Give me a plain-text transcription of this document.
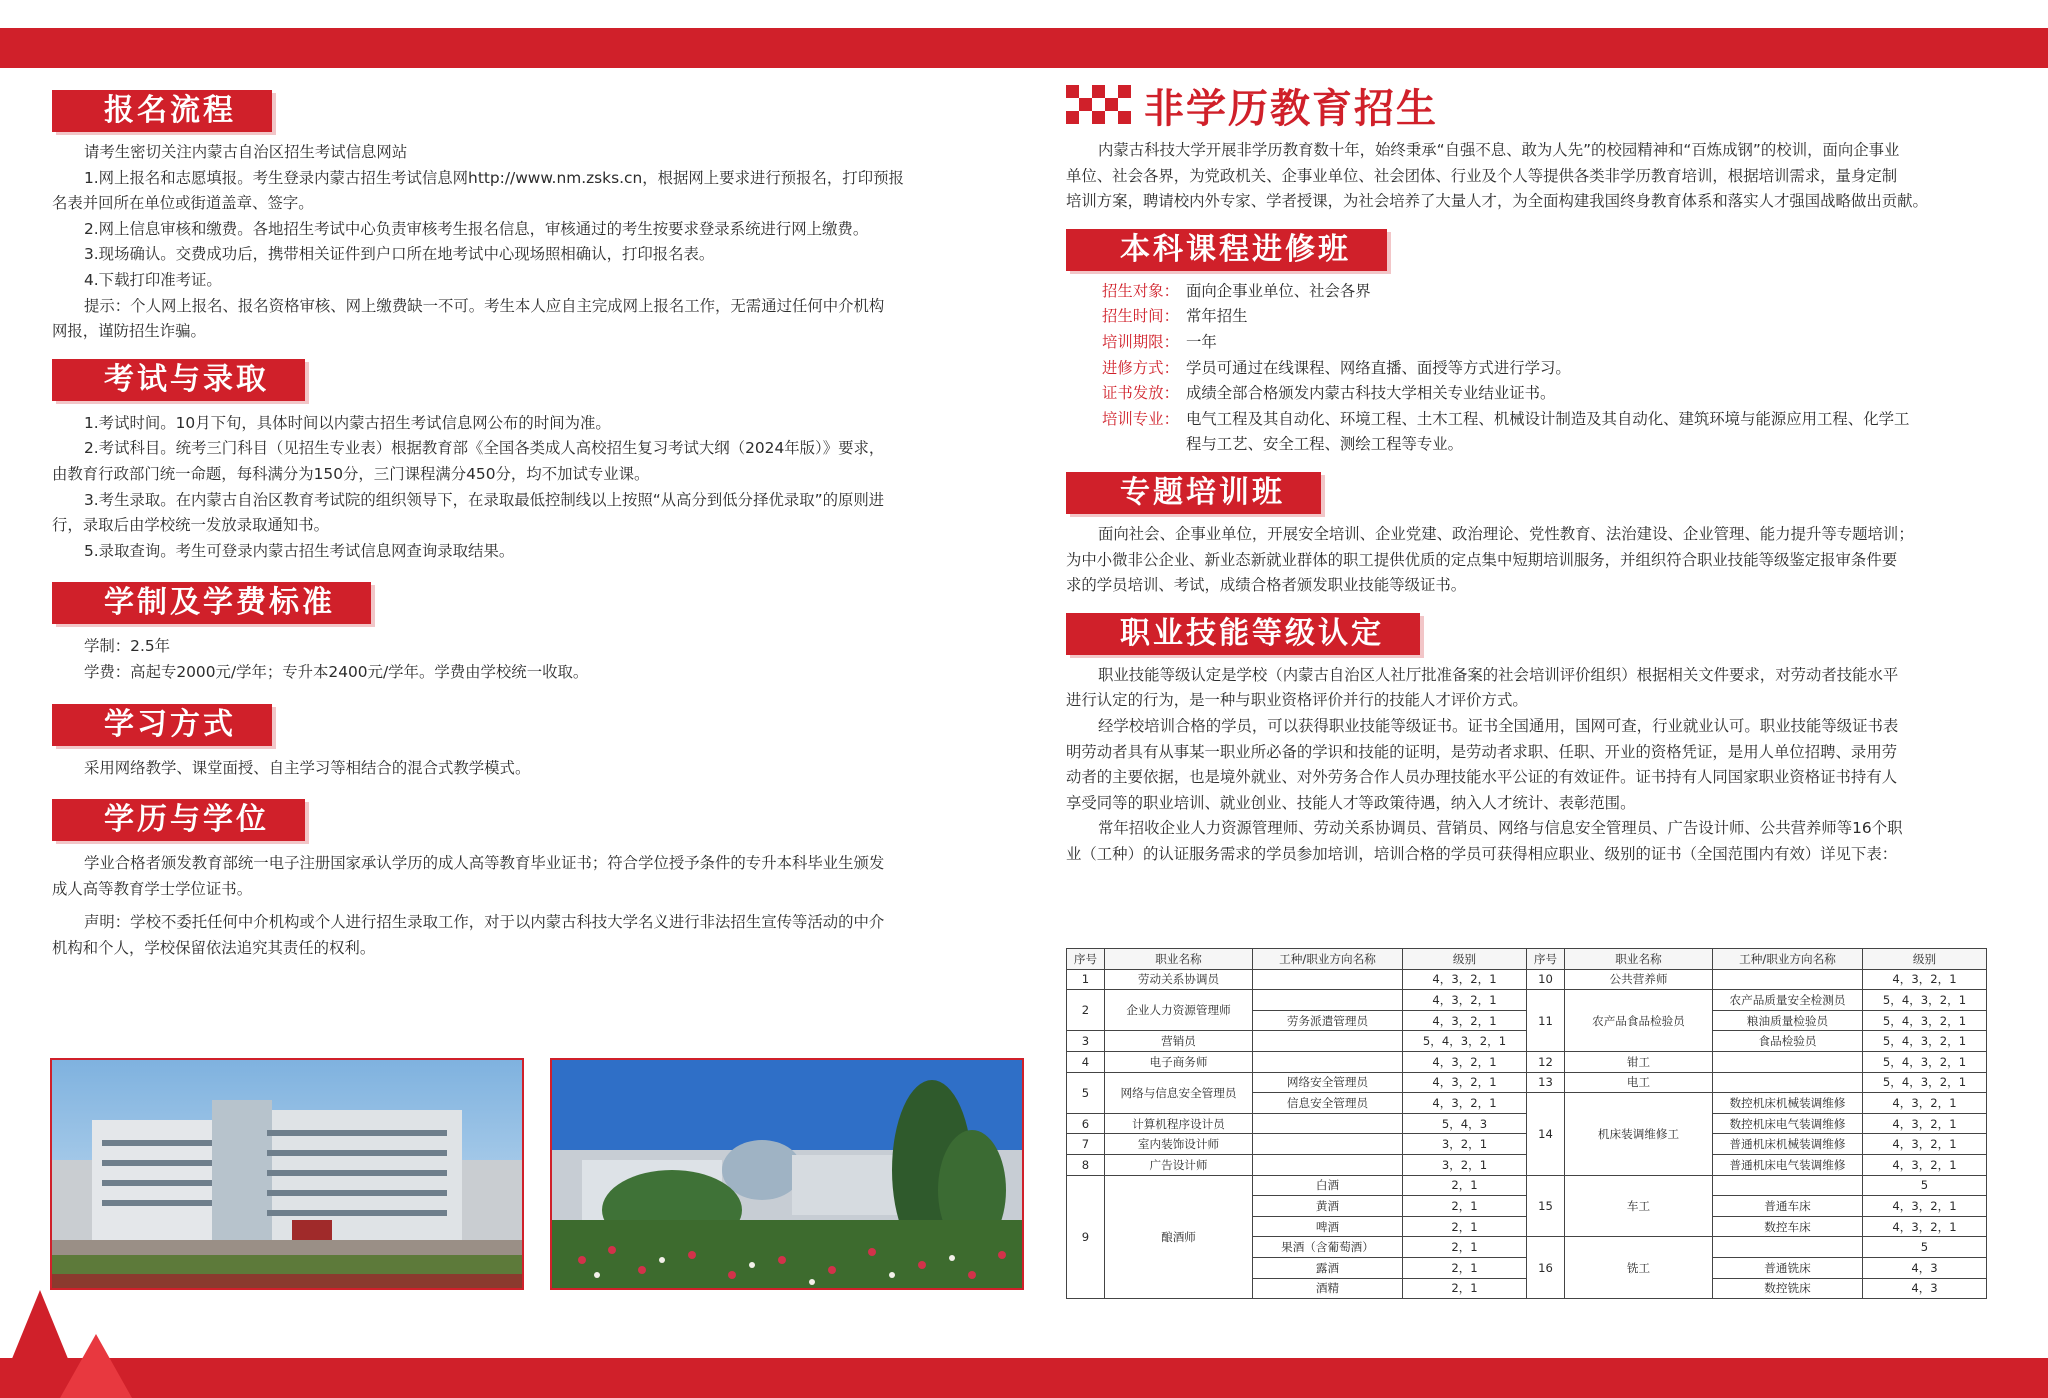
报名流程
请考生密切关注内蒙古自治区招生考试信息网站
1.网上报名和志愿填报。考生登录内蒙古招生考试信息网http://www.nm.zsks.cn，根据网上要求进行预报名，打印预报
名表并回所在单位或街道盖章、签字。
2.网上信息审核和缴费。各地招生考试中心负责审核考生报名信息，审核通过的考生按要求登录系统进行网上缴费。
3.现场确认。交费成功后，携带相关证件到户口所在地考试中心现场照相确认，打印报名表。
4.下载打印准考证。
提示：个人网上报名、报名资格审核、网上缴费缺一不可。考生本人应自主完成网上报名工作，无需通过任何中介机构
网报，谨防招生诈骗。
考试与录取
1.考试时间。10月下旬，具体时间以内蒙古招生考试信息网公布的时间为准。
2.考试科目。统考三门科目（见招生专业表）根据教育部《全国各类成人高校招生复习考试大纲（2024年版）》要求，
由教育行政部门统一命题，每科满分为150分，三门课程满分450分，均不加试专业课。
3.考生录取。在内蒙古自治区教育考试院的组织领导下，在录取最低控制线以上按照“从高分到低分择优录取”的原则进
行，录取后由学校统一发放录取通知书。
5.录取查询。考生可登录内蒙古招生考试信息网查询录取结果。
学制及学费标准
学制：2.5年
学费：高起专2000元/学年；专升本2400元/学年。学费由学校统一收取。
学习方式
采用网络教学、课堂面授、自主学习等相结合的混合式教学模式。
学历与学位
学业合格者颁发教育部统一电子注册国家承认学历的成人高等教育毕业证书；符合学位授予条件的专升本科毕业生颁发
成人高等教育学士学位证书。
声明：学校不委托任何中介机构或个人进行招生录取工作，对于以内蒙古科技大学名义进行非法招生宣传等活动的中介
机构和个人，学校保留依法追究其责任的权利。
非学历教育招生
内蒙古科技大学开展非学历教育数十年，始终秉承“自强不息、敢为人先”的校园精神和“百炼成钢”的校训，面向企事业
单位、社会各界，为党政机关、企事业单位、社会团体、行业及个人等提供各类非学历教育培训，根据培训需求，量身定制
培训方案，聘请校内外专家、学者授课，为社会培养了大量人才，为全面构建我国终身教育体系和落实人才强国战略做出贡献。
本科课程进修班
招生对象： 面向企事业单位、社会各界
招生时间： 常年招生
培训期限： 一年
进修方式： 学员可通过在线课程、网络直播、面授等方式进行学习。
证书发放： 成绩全部合格颁发内蒙古科技大学相关专业结业证书。
培训专业： 电气工程及其自动化、环境工程、土木工程、机械设计制造及其自动化、建筑环境与能源应用工程、化学工
程与工艺、安全工程、测绘工程等专业。
专题培训班
面向社会、企事业单位，开展安全培训、企业党建、政治理论、党性教育、法治建设、企业管理、能力提升等专题培训；
为中小微非公企业、新业态新就业群体的职工提供优质的定点集中短期培训服务，并组织符合职业技能等级鉴定报审条件要
求的学员培训、考试，成绩合格者颁发职业技能等级证书。
职业技能等级认定
职业技能等级认定是学校（内蒙古自治区人社厅批准备案的社会培训评价组织）根据相关文件要求，对劳动者技能水平
进行认定的行为，是一种与职业资格评价并行的技能人才评价方式。
经学校培训合格的学员，可以获得职业技能等级证书。证书全国通用，国网可查，行业就业认可。职业技能等级证书表
明劳动者具有从事某一职业所必备的学识和技能的证明，是劳动者求职、任职、开业的资格凭证，是用人单位招聘、录用劳
动者的主要依据，也是境外就业、对外劳务合作人员办理技能水平公证的有效证件。证书持有人同国家职业资格证书持有人
享受同等的职业培训、就业创业、技能人才等政策待遇，纳入人才统计、表彰范围。
常年招收企业人力资源管理师、劳动关系协调员、营销员、网络与信息安全管理员、广告设计师、公共营养师等16个职
业（工种）的认证服务需求的学员参加培训，培训合格的学员可获得相应职业、级别的证书（全国范围内有效）详见下表：
序号	职业名称	工种/职业方向名称	级别	序号	职业名称	工种/职业方向名称	级别
1	劳动关系协调员		4，3，2，1	10	公共营养师		4，3，2，1
2	企业人力资源管理师		4，3，2，1	11	农产品食品检验员	农产品质量安全检测员	5，4，3，2，1
		劳务派遣管理员	4，3，2，1			粮油质量检验员	5，4，3，2，1
3	营销员		5，4，3，2，1			食品检验员	5，4，3，2，1
4	电子商务师		4，3，2，1	12	钳工		5，4，3，2，1
5	网络与信息安全管理员	网络安全管理员	4，3，2，1	13	电工		5，4，3，2，1
		信息安全管理员	4，3，2，1	14	机床装调维修工	数控机床机械装调维修	4，3，2，1
6	计算机程序设计员		5，4，3			数控机床电气装调维修	4，3，2，1
7	室内装饰设计师		3，2，1			普通机床机械装调维修	4，3，2，1
8	广告设计师		3，2，1			普通机床电气装调维修	4，3，2，1
9	酿酒师	白酒	2，1	15	车工		5
		黄酒	2，1			普通车床	4，3，2，1
		啤酒	2，1			数控车床	4，3，2，1
		果酒（含葡萄酒）	2，1	16	铣工		5
		露酒	2，1			普通铣床	4，3
		酒精	2，1			数控铣床	4，3
